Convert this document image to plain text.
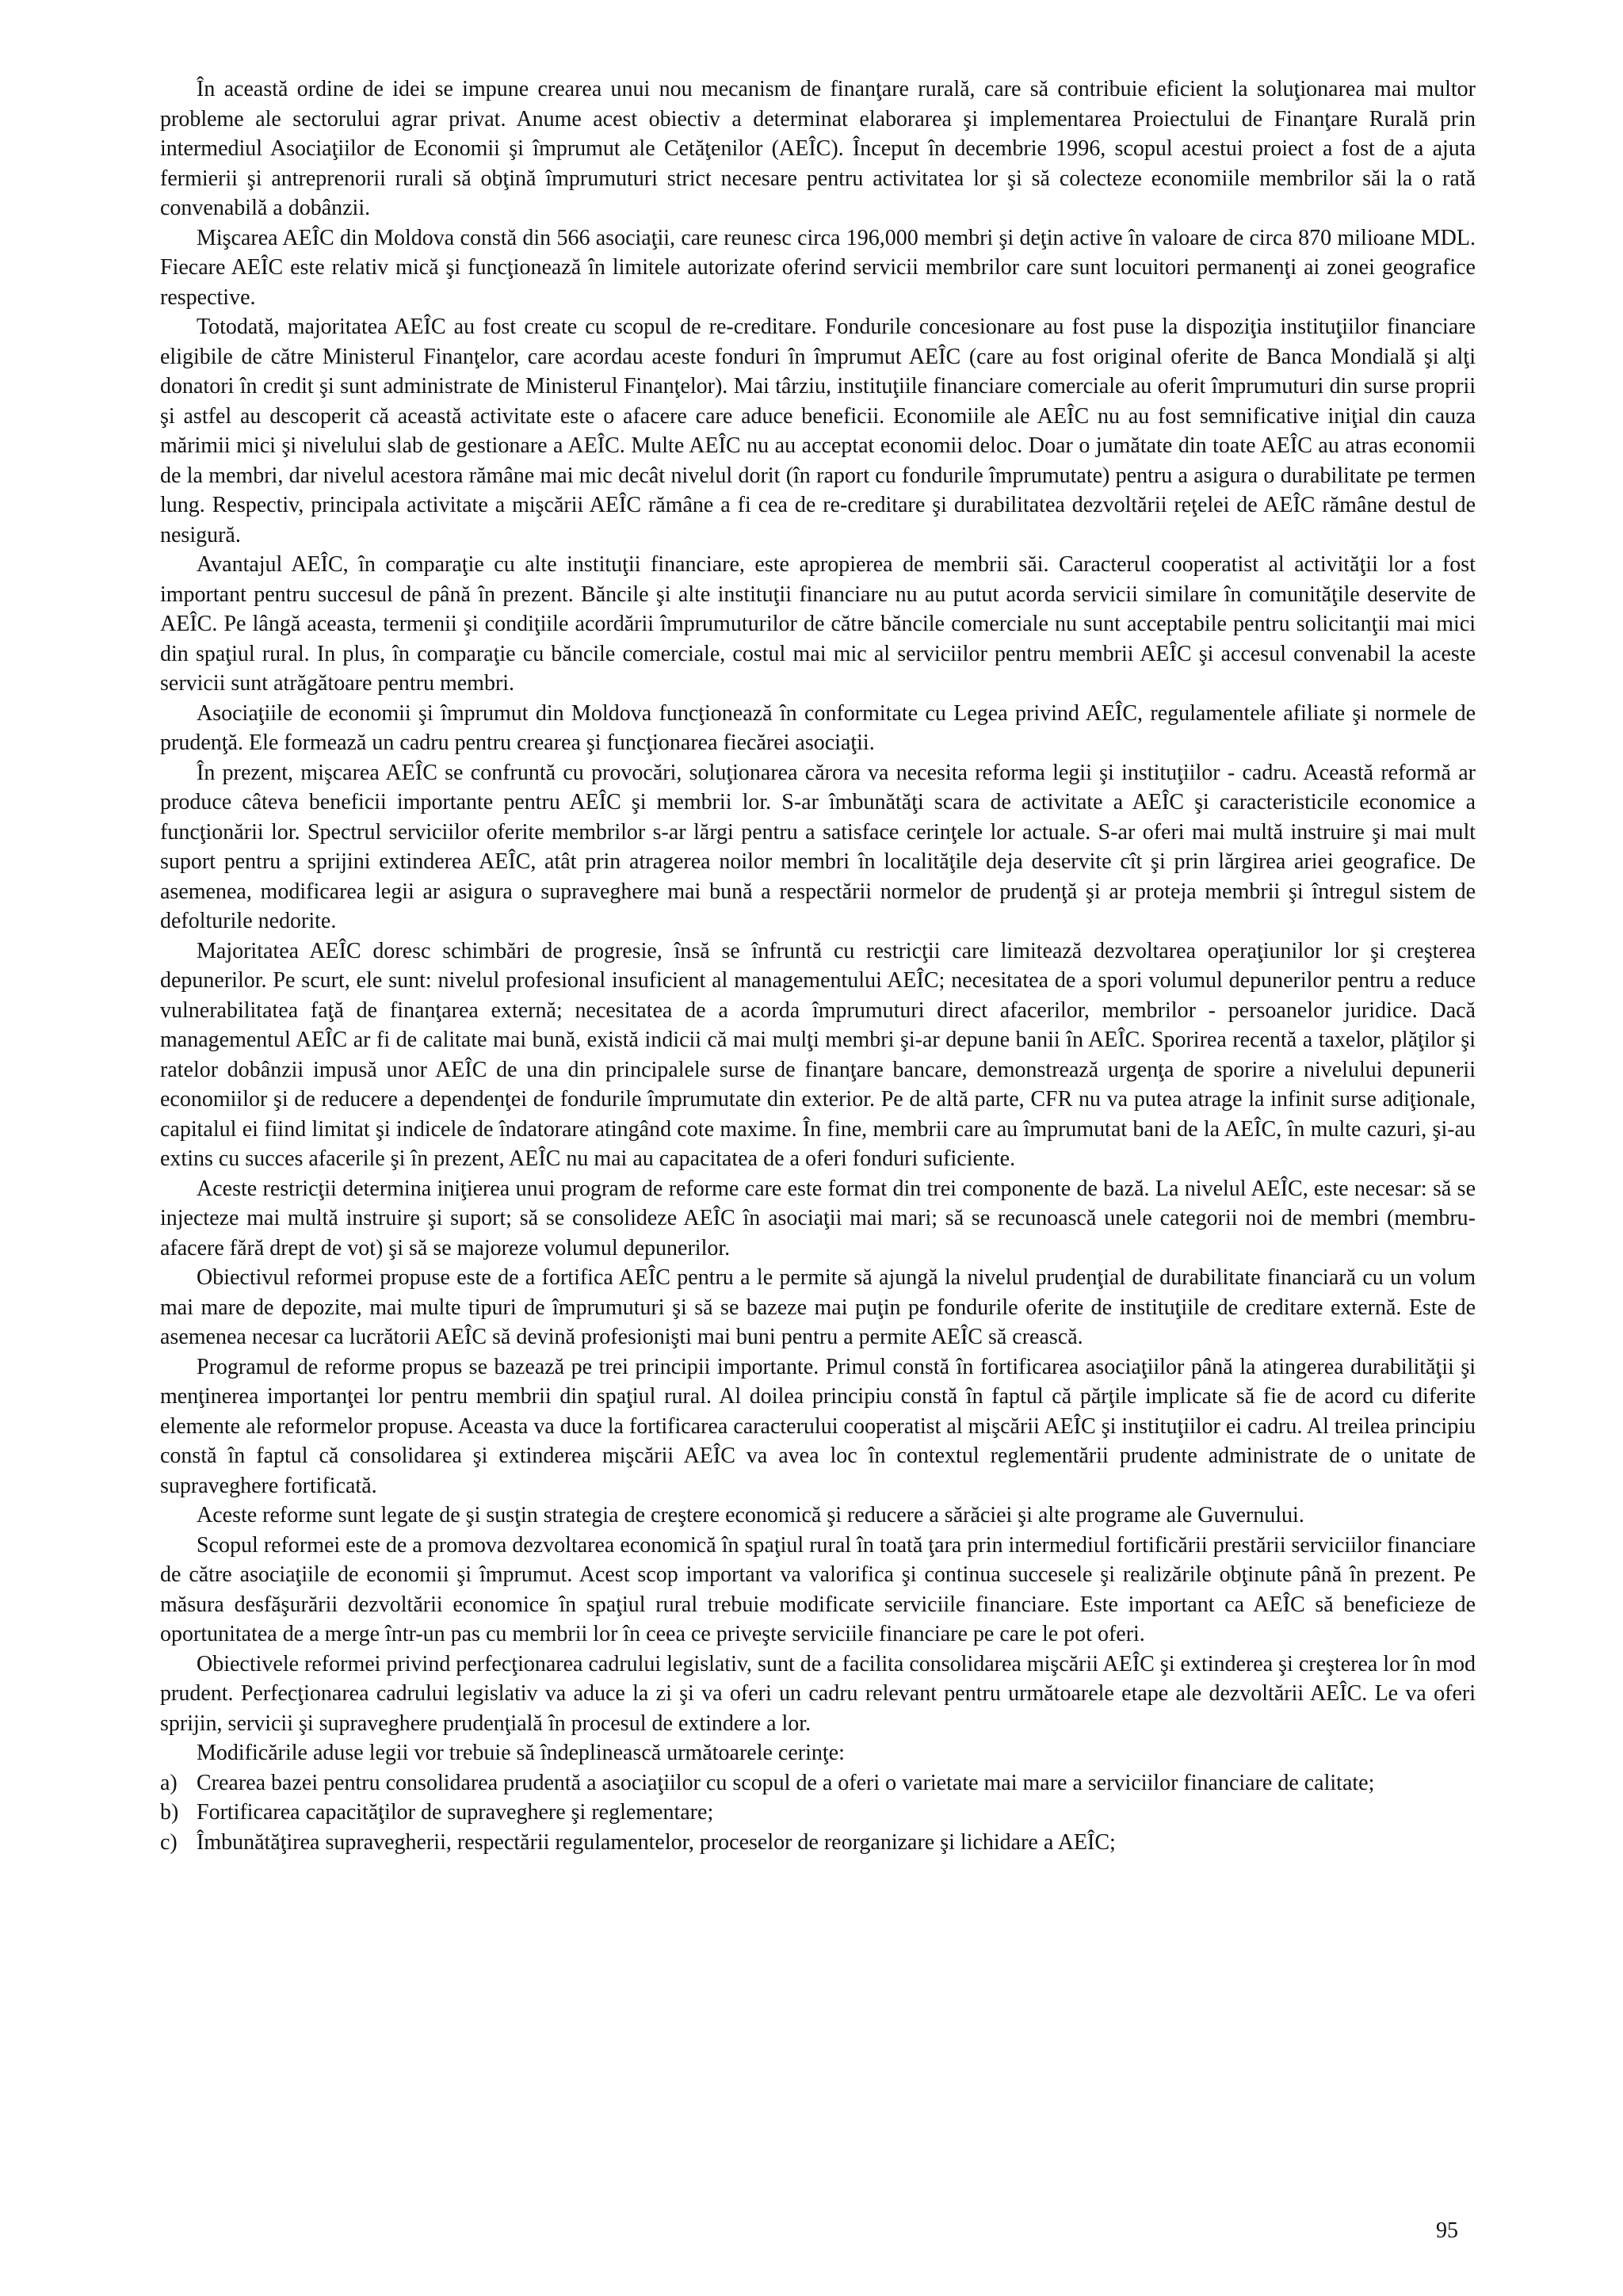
În această ordine de idei se impune crearea unui nou mecanism de finanţare rurală, care să contribuie eficient la soluţionarea mai multor probleme ale sectorului agrar privat. Anume acest obiectiv a determinat elaborarea şi implementarea Proiectului de Finanţare Rurală prin intermediul Asociaţiilor de Economii şi împrumut ale Cetăţenilor (AEÎC). Început în decembrie 1996, scopul acestui proiect a fost de a ajuta fermierii şi antreprenorii rurali să obţină împrumuturi strict necesare pentru activitatea lor şi să colecteze economiile membrilor săi la o rată convenabilă a dobânzii.

Mişcarea AEÎC din Moldova constă din 566 asociaţii, care reunesc circa 196,000 membri şi deţin active în valoare de circa 870 milioane MDL. Fiecare AEÎC este relativ mică şi funcţionează în limitele autorizate oferind servicii membrilor care sunt locuitori permanenţi ai zonei geografice respective.

Totodată, majoritatea AEÎC au fost create cu scopul de re-creditare. Fondurile concesionare au fost puse la dispoziţia instituţiilor financiare eligibile de către Ministerul Finanţelor, care acordau aceste fonduri în împrumut AEÎC (care au fost original oferite de Banca Mondială şi alţi donatori în credit şi sunt administrate de Ministerul Finanţelor). Mai târziu, instituţiile financiare comerciale au oferit împrumuturi din surse proprii şi astfel au descoperit că această activitate este o afacere care aduce beneficii. Economiile ale AEÎC nu au fost semnificative iniţial din cauza mărimii mici şi nivelului slab de gestionare a AEÎC. Multe AEÎC nu au acceptat economii deloc. Doar o jumătate din toate AEÎC au atras economii de la membri, dar nivelul acestora rămâne mai mic decât nivelul dorit (în raport cu fondurile împrumutate) pentru a asigura o durabilitate pe termen lung. Respectiv, principala activitate a mişcării AEÎC rămâne a fi cea de re-creditare şi durabilitatea dezvoltării reţelei de AEÎC rămâne destul de nesigură.

Avantajul AEÎC, în comparaţie cu alte instituţii financiare, este apropierea de membrii săi. Caracterul cooperatist al activităţii lor a fost important pentru succesul de până în prezent. Băncile şi alte instituţii financiare nu au putut acorda servicii similare în comunităţile deservite de AEÎC. Pe lângă aceasta, termenii şi condiţiile acordării împrumuturilor de către băncile comerciale nu sunt acceptabile pentru solicitanţii mai mici din spaţiul rural. In plus, în comparaţie cu băncile comerciale, costul mai mic al serviciilor pentru membrii AEÎC şi accesul convenabil la aceste servicii sunt atrăgătoare pentru membri.

Asociaţiile de economii şi împrumut din Moldova funcţionează în conformitate cu Legea privind AEÎC, regulamentele afiliate şi normele de prudenţă. Ele formează un cadru pentru crearea şi funcţionarea fiecărei asociaţii.

În prezent, mişcarea AEÎC se confruntă cu provocări, soluţionarea cărora va necesita reforma legii şi instituţiilor - cadru. Această reformă ar produce câteva beneficii importante pentru AEÎC şi membrii lor. S-ar îmbunătăţi scara de activitate a AEÎC şi caracteristicile economice a funcţionării lor. Spectrul serviciilor oferite membrilor s-ar lărgi pentru a satisface cerinţele lor actuale. S-ar oferi mai multă instruire şi mai mult suport pentru a sprijini extinderea AEÎC, atât prin atragerea noilor membri în localităţile deja deservite cît şi prin lărgirea ariei geografice. De asemenea, modificarea legii ar asigura o supraveghere mai bună a respectării normelor de prudenţă şi ar proteja membrii şi întregul sistem de defolturile nedorite.

Majoritatea AEÎC doresc schimbări de progresie, însă se înfruntă cu restricţii care limitează dezvoltarea operaţiunilor lor şi creşterea depunerilor. Pe scurt, ele sunt: nivelul profesional insuficient al managementului AEÎC; necesitatea de a spori volumul depunerilor pentru a reduce vulnerabilitatea faţă de finanţarea externă; necesitatea de a acorda împrumuturi direct afacerilor, membrilor - persoanelor juridice. Dacă managementul AEÎC ar fi de calitate mai bună, există indicii că mai mulţi membri şi-ar depune banii în AEÎC. Sporirea recentă a taxelor, plăţilor şi ratelor dobânzii impusă unor AEÎC de una din principalele surse de finanţare bancare, demonstrează urgenţa de sporire a nivelului depunerii economiilor şi de reducere a dependenţei de fondurile împrumutate din exterior. Pe de altă parte, CFR nu va putea atrage la infinit surse adiţionale, capitalul ei fiind limitat şi indicele de îndatorare atingând cote maxime. În fine, membrii care au împrumutat bani de la AEÎC, în multe cazuri, şi-au extins cu succes afacerile şi în prezent, AEÎC nu mai au capacitatea de a oferi fonduri suficiente.

Aceste restricţii determina iniţierea unui program de reforme care este format din trei componente de bază. La nivelul AEÎC, este necesar: să se injecteze mai multă instruire şi suport; să se consolideze AEÎC în asociaţii mai mari; să se recunoască unele categorii noi de membri (membru-afacere fără drept de vot) şi să se majoreze volumul depunerilor.

Obiectivul reformei propuse este de a fortifica AEÎC pentru a le permite să ajungă la nivelul prudenţial de durabilitate financiară cu un volum mai mare de depozite, mai multe tipuri de împrumuturi şi să se bazeze mai puţin pe fondurile oferite de instituţiile de creditare externă. Este de asemenea necesar ca lucrătorii AEÎC să devină profesionişti mai buni pentru a permite AEÎC să crească.

Programul de reforme propus se bazează pe trei principii importante. Primul constă în fortificarea asociaţiilor până la atingerea durabilităţii şi menţinerea importanţei lor pentru membrii din spaţiul rural. Al doilea principiu constă în faptul că părţile implicate să fie de acord cu diferite elemente ale reformelor propuse. Aceasta va duce la fortificarea caracterului cooperatist al mişcării AEÎC şi instituţiilor ei cadru. Al treilea principiu constă în faptul că consolidarea şi extinderea mişcării AEÎC va avea loc în contextul reglementării prudente administrate de o unitate de supraveghere fortificată.

Aceste reforme sunt legate de şi susţin strategia de creştere economică şi reducere a sărăciei şi alte programe ale Guvernului.

Scopul reformei este de a promova dezvoltarea economică în spaţiul rural în toată ţara prin intermediul fortificării prestării serviciilor financiare de către asociaţiile de economii şi împrumut. Acest scop important va valorifica şi continua succesele şi realizările obţinute până în prezent. Pe măsura desfăşurării dezvoltării economice în spaţiul rural trebuie modificate serviciile financiare. Este important ca AEÎC să beneficieze de oportunitatea de a merge într-un pas cu membrii lor în ceea ce priveşte serviciile financiare pe care le pot oferi.

Obiectivele reformei privind perfecţionarea cadrului legislativ, sunt de a facilita consolidarea mişcării AEÎC şi extinderea şi creşterea lor în mod prudent. Perfecţionarea cadrului legislativ va aduce la zi şi va oferi un cadru relevant pentru următoarele etape ale dezvoltării AEÎC. Le va oferi sprijin, servicii şi supraveghere prudenţială în procesul de extindere a lor.

Modificările aduse legii vor trebuie să îndeplinească următoarele cerinţe:

a) Crearea bazei pentru consolidarea prudentă a asociaţiilor cu scopul de a oferi o varietate mai mare a serviciilor financiare de calitate;
b) Fortificarea capacităţilor de supraveghere şi reglementare;
c) Îmbunătăţirea supravegherii, respectării regulamentelor, proceselor de reorganizare şi lichidare a AEÎC;
95
